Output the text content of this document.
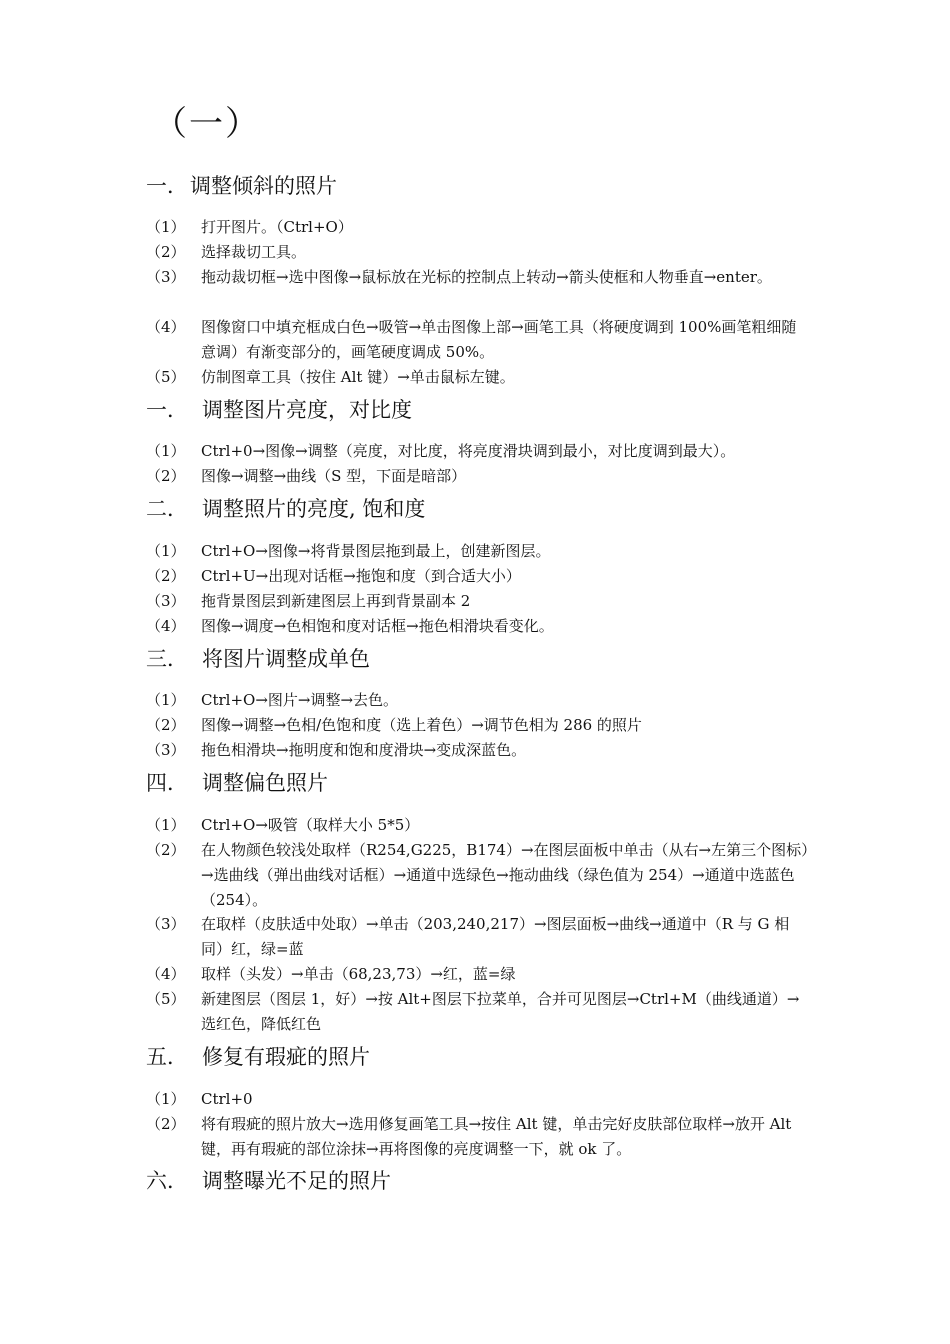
（一）
一．调整倾斜的照片
（1）	打开图片。（Ctrl+O）
（2）	选择裁切工具。
（3）	拖动裁切框→选中图像→鼠标放在光标的控制点上转动→箭头使框和人物垂直→enter。
（4）	图像窗口中填充框成白色→吸管→单击图像上部→画笔工具（将硬度调到 100%画笔粗细随意调）有渐变部分的，画笔硬度调成 50%。
（5）	仿制图章工具（按住 Alt 键）→单击鼠标左键。
一． 调整图片亮度，对比度
（1）	Ctrl+0→图像→调整（亮度，对比度，将亮度滑块调到最小，对比度调到最大）。
（2）	图像→调整→曲线（S 型，下面是暗部）
二． 调整照片的亮度, 饱和度
（1）	Ctrl+O→图像→将背景图层拖到最上，创建新图层。
（2）	Ctrl+U→出现对话框→拖饱和度（到合适大小）
（3）	拖背景图层到新建图层上再到背景副本 2
（4）	图像→调度→色相饱和度对话框→拖色相滑块看变化。
三． 将图片调整成单色
（1）	Ctrl+O→图片→调整→去色。
（2）	图像→调整→色相/色饱和度（选上着色）→调节色相为 286 的照片
（3）	拖色相滑块→拖明度和饱和度滑块→变成深蓝色。
四． 调整偏色照片
（1）	Ctrl+O→吸管（取样大小 5*5）
（2）	在人物颜色较浅处取样（R254,G225，B174）→在图层面板中单击（从右→左第三个图标）→选曲线（弹出曲线对话框）→通道中选绿色→拖动曲线（绿色值为 254）→通道中选蓝色（254）。
（3）	在取样（皮肤适中处取）→单击（203,240,217）→图层面板→曲线→通道中（R 与 G 相同）红，绿=蓝
（4）	取样（头发）→单击（68,23,73）→红，蓝=绿
（5）	新建图层（图层 1，好）→按 Alt+图层下拉菜单，合并可见图层→Ctrl+M（曲线通道）→选红色，降低红色
五． 修复有瑕疵的照片
（1）	Ctrl+0
（2）	将有瑕疵的照片放大→选用修复画笔工具→按住 Alt 键，单击完好皮肤部位取样→放开 Alt 键，再有瑕疵的部位涂抹→再将图像的亮度调整一下，就 ok 了。
六． 调整曝光不足的照片
